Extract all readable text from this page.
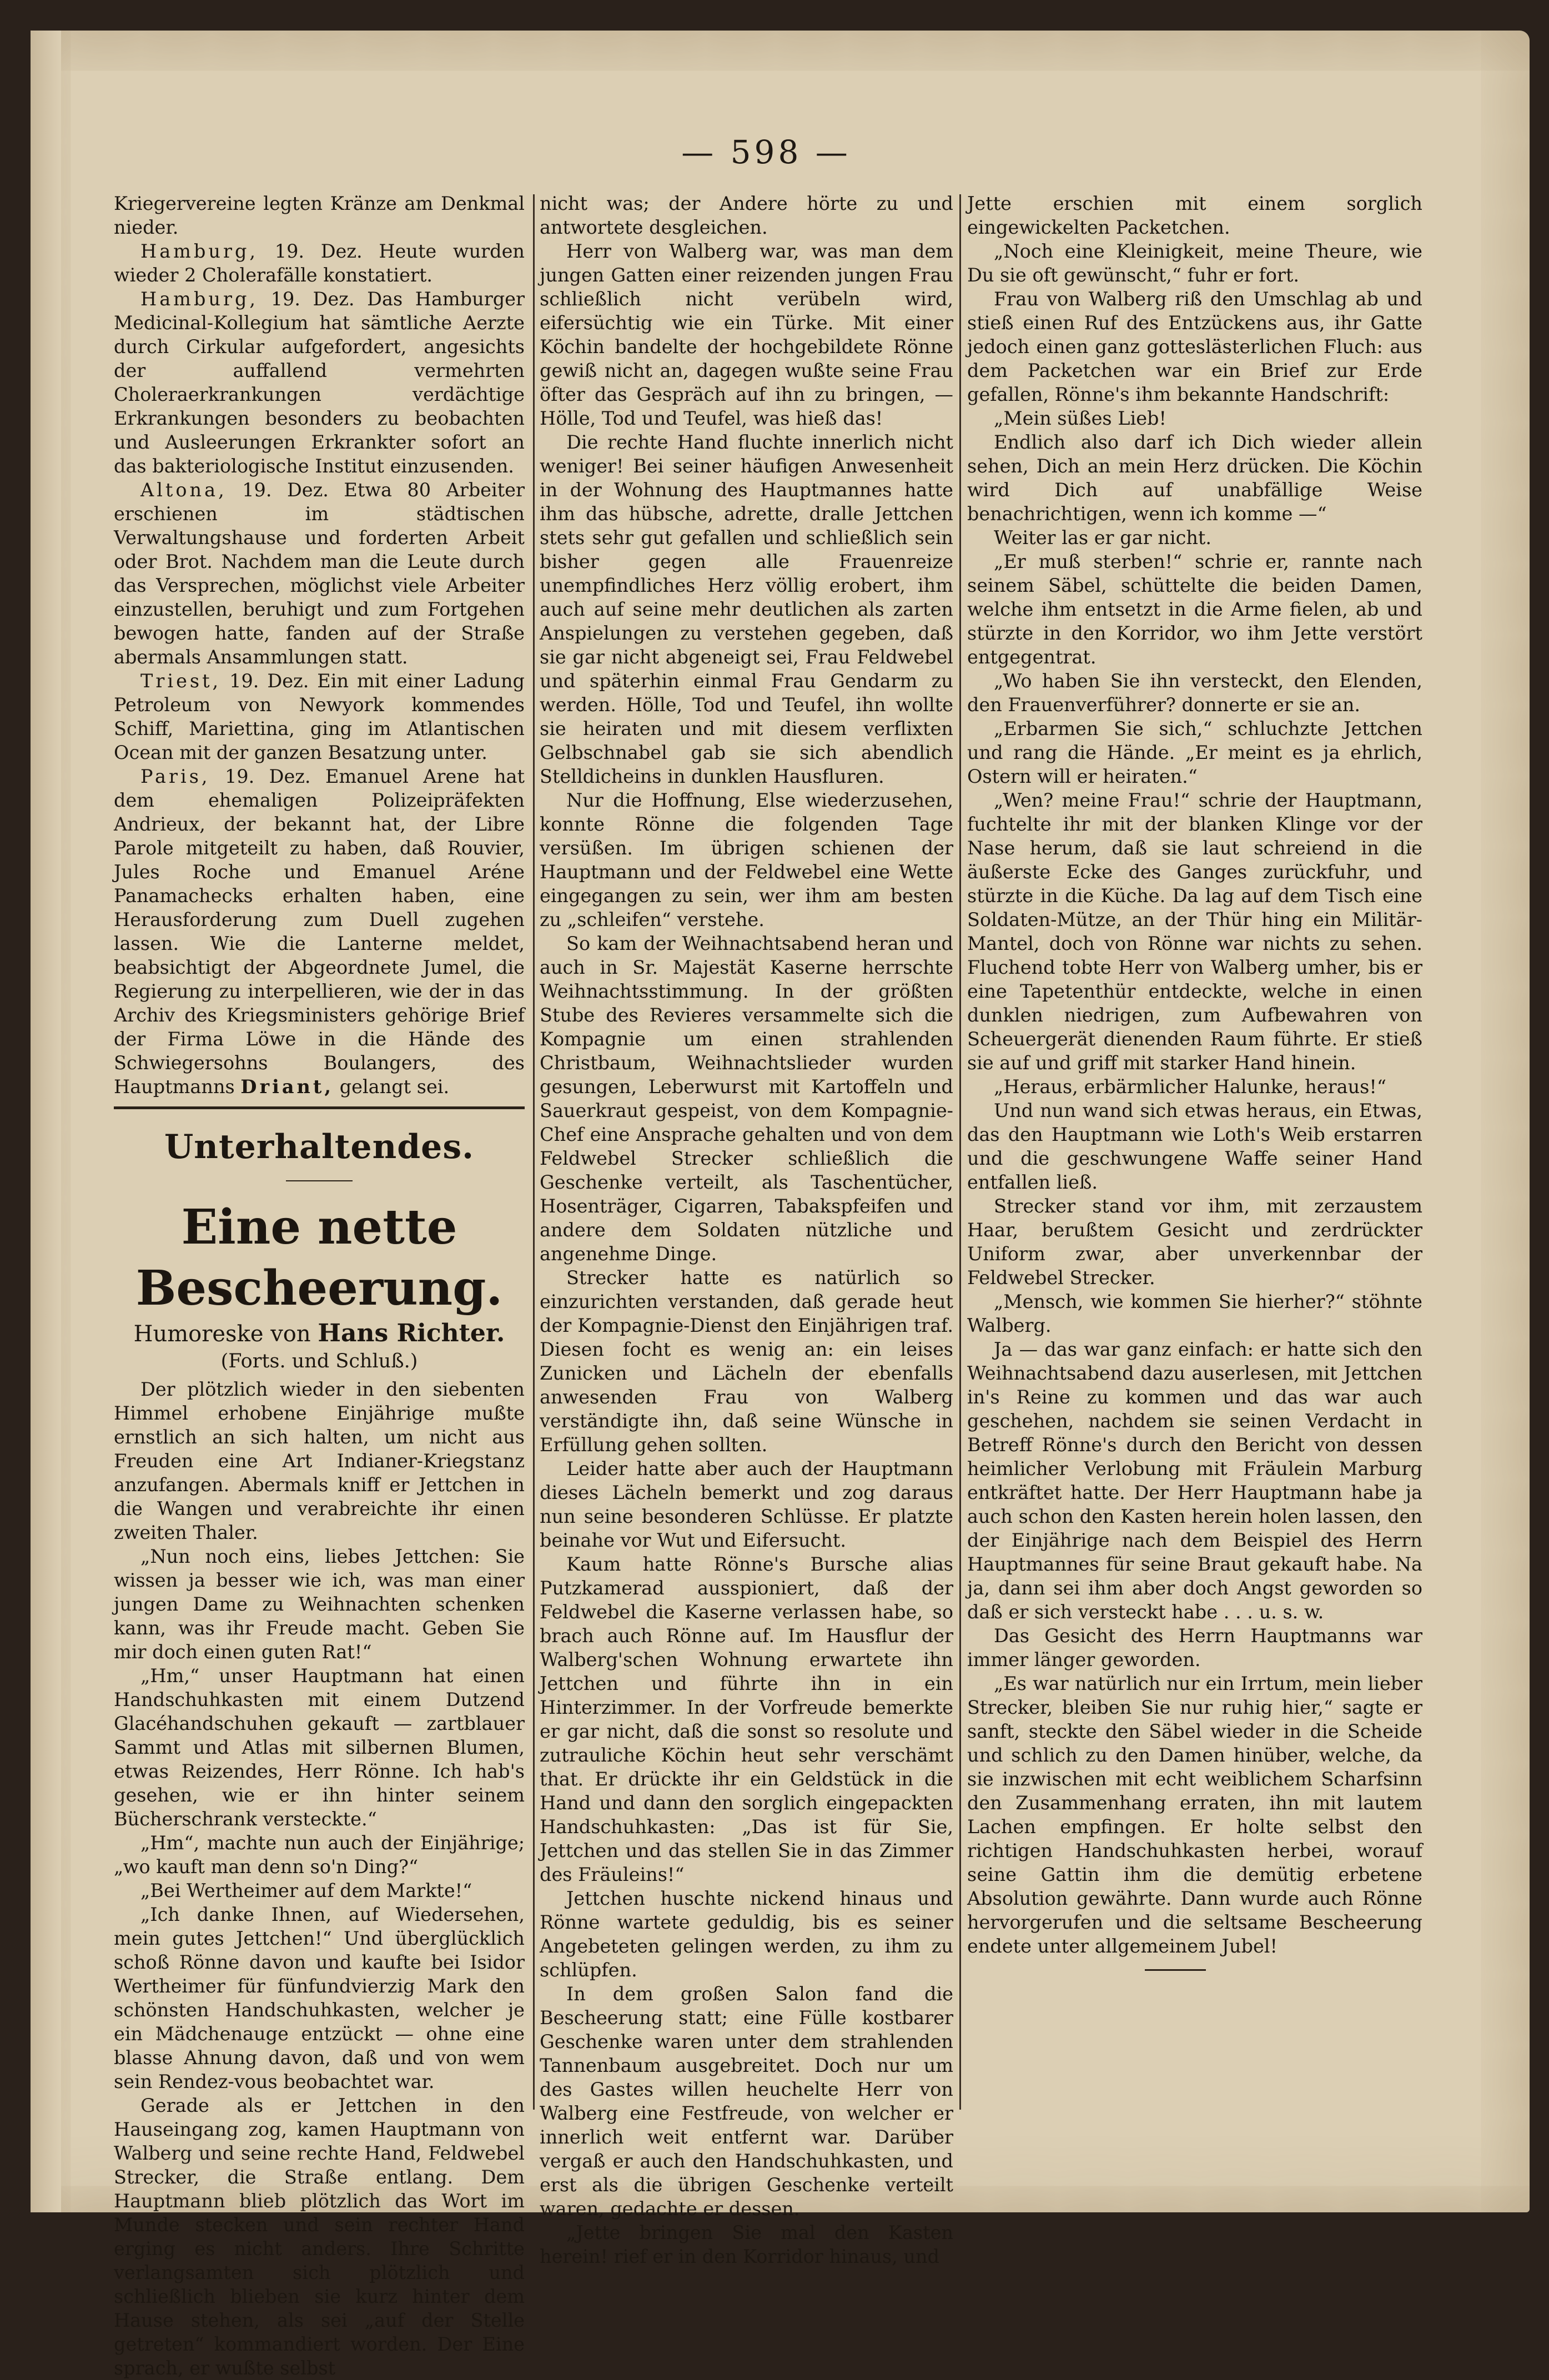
— 598 —

Kriegervereine legten Kränze am Denkmal nieder.

Hamburg, 19. Dez. Heute wurden wieder 2 Cholerafälle konstatiert.

Hamburg, 19. Dez. Das Hamburger Medicinal-Kollegium hat sämtliche Aerzte durch Cirkular aufgefordert, angesichts der auffallend vermehrten Choleraerkrankungen verdächtige Erkrankungen besonders zu beobachten und Ausleerungen Erkrankter sofort an das bakteriologische Institut einzusenden.

Altona, 19. Dez. Etwa 80 Arbeiter erschienen im städtischen Verwaltungshause und forderten Arbeit oder Brot. Nachdem man die Leute durch das Versprechen, möglichst viele Arbeiter einzustellen, beruhigt und zum Fortgehen bewogen hatte, fanden auf der Straße abermals Ansammlungen statt.

Triest, 19. Dez. Ein mit einer Ladung Petroleum von Newyork kommendes Schiff, Mariettina, ging im Atlantischen Ocean mit der ganzen Besatzung unter.

Paris, 19. Dez. Emanuel Arene hat dem ehemaligen Polizeipräfekten Andrieux, der bekannt hat, der Libre Parole mitgeteilt zu haben, daß Rouvier, Jules Roche und Emanuel Aréne Panamachecks erhalten haben, eine Herausforderung zum Duell zugehen lassen. Wie die Lanterne meldet, beabsichtigt der Abgeordnete Jumel, die Regierung zu interpellieren, wie der in das Archiv des Kriegsministers gehörige Brief der Firma Löwe in die Hände des Schwiegersohns Boulangers, des Hauptmanns Driant, gelangt sei.

Unterhaltendes.
Eine nette Bescheerung.
Humoreske von Hans Richter.
(Forts. und Schluß.)

Der plötzlich wieder in den siebenten Himmel erhobene Einjährige mußte ernstlich an sich halten, um nicht aus Freuden eine Art Indianer-Kriegstanz anzufangen. Abermals kniff er Jettchen in die Wangen und verabreichte ihr einen zweiten Thaler.

„Nun noch eins, liebes Jettchen: Sie wissen ja besser wie ich, was man einer jungen Dame zu Weihnachten schenken kann, was ihr Freude macht. Geben Sie mir doch einen guten Rat!“

„Hm,“ unser Hauptmann hat einen Handschuhkasten mit einem Dutzend Glacéhandschuhen gekauft — zartblauer Sammt und Atlas mit silbernen Blumen, etwas Reizendes, Herr Rönne. Ich hab's gesehen, wie er ihn hinter seinem Bücherschrank versteckte.“

„Hm“, machte nun auch der Einjährige; „wo kauft man denn so'n Ding?“

„Bei Wertheimer auf dem Markte!“

„Ich danke Ihnen, auf Wiedersehen, mein gutes Jettchen!“ Und überglücklich schoß Rönne davon und kaufte bei Isidor Wertheimer für fünfundvierzig Mark den schönsten Handschuhkasten, welcher je ein Mädchenauge entzückt — ohne eine blasse Ahnung davon, daß und von wem sein Rendez-vous beobachtet war.

Gerade als er Jettchen in den Hauseingang zog, kamen Hauptmann von Walberg und seine rechte Hand, Feldwebel Strecker, die Straße entlang. Dem Hauptmann blieb plötzlich das Wort im Munde stecken und sein rechter Hand erging es nicht anders. Ihre Schritte verlangsamten sich plötzlich und schließlich blieben sie kurz hinter dem Hause stehen, als sei „auf der Stelle getreten“ kommandiert worden. Der Eine sprach, er wußte selbst

nicht was; der Andere hörte zu und antwortete desgleichen.

Herr von Walberg war, was man dem jungen Gatten einer reizenden jungen Frau schließlich nicht verübeln wird, eifersüchtig wie ein Türke. Mit einer Köchin bandelte der hochgebildete Rönne gewiß nicht an, dagegen wußte seine Frau öfter das Gespräch auf ihn zu bringen, — Hölle, Tod und Teufel, was hieß das!

Die rechte Hand fluchte innerlich nicht weniger! Bei seiner häufigen Anwesenheit in der Wohnung des Hauptmannes hatte ihm das hübsche, adrette, dralle Jettchen stets sehr gut gefallen und schließlich sein bisher gegen alle Frauenreize unempfindliches Herz völlig erobert, ihm auch auf seine mehr deutlichen als zarten Anspielungen zu verstehen gegeben, daß sie gar nicht abgeneigt sei, Frau Feldwebel und späterhin einmal Frau Gendarm zu werden. Hölle, Tod und Teufel, ihn wollte sie heiraten und mit diesem verflixten Gelbschnabel gab sie sich abendlich Stelldicheins in dunklen Hausfluren.

Nur die Hoffnung, Else wiederzusehen, konnte Rönne die folgenden Tage versüßen. Im übrigen schienen der Hauptmann und der Feldwebel eine Wette eingegangen zu sein, wer ihm am besten zu „schleifen“ verstehe.

So kam der Weihnachtsabend heran und auch in Sr. Majestät Kaserne herrschte Weihnachtsstimmung. In der größten Stube des Revieres versammelte sich die Kompagnie um einen strahlenden Christbaum, Weihnachtslieder wurden gesungen, Leberwurst mit Kartoffeln und Sauerkraut gespeist, von dem Kompagnie-Chef eine Ansprache gehalten und von dem Feldwebel Strecker schließlich die Geschenke verteilt, als Taschentücher, Hosenträger, Cigarren, Tabakspfeifen und andere dem Soldaten nützliche und angenehme Dinge.

Strecker hatte es natürlich so einzurichten verstanden, daß gerade heut der Kompagnie-Dienst den Einjährigen traf. Diesen focht es wenig an: ein leises Zunicken und Lächeln der ebenfalls anwesenden Frau von Walberg verständigte ihn, daß seine Wünsche in Erfüllung gehen sollten.

Leider hatte aber auch der Hauptmann dieses Lächeln bemerkt und zog daraus nun seine besonderen Schlüsse. Er platzte beinahe vor Wut und Eifersucht.

Kaum hatte Rönne's Bursche alias Putzkamerad ausspioniert, daß der Feldwebel die Kaserne verlassen habe, so brach auch Rönne auf. Im Hausflur der Walberg'schen Wohnung erwartete ihn Jettchen und führte ihn in ein Hinterzimmer. In der Vorfreude bemerkte er gar nicht, daß die sonst so resolute und zutrauliche Köchin heut sehr verschämt that. Er drückte ihr ein Geldstück in die Hand und dann den sorglich eingepackten Handschuhkasten: „Das ist für Sie, Jettchen und das stellen Sie in das Zimmer des Fräuleins!“

Jettchen huschte nickend hinaus und Rönne wartete geduldig, bis es seiner Angebeteten gelingen werden, zu ihm zu schlüpfen.

In dem großen Salon fand die Bescheerung statt; eine Fülle kostbarer Geschenke waren unter dem strahlenden Tannenbaum ausgebreitet. Doch nur um des Gastes willen heuchelte Herr von Walberg eine Festfreude, von welcher er innerlich weit entfernt war. Darüber vergaß er auch den Handschuhkasten, und erst als die übrigen Geschenke verteilt waren, gedachte er dessen.

„Jette bringen Sie mal den Kasten herein! rief er in den Korridor hinaus, und

Jette erschien mit einem sorglich eingewickelten Packetchen.

„Noch eine Kleinigkeit, meine Theure, wie Du sie oft gewünscht,“ fuhr er fort.

Frau von Walberg riß den Umschlag ab und stieß einen Ruf des Entzückens aus, ihr Gatte jedoch einen ganz gotteslästerlichen Fluch: aus dem Packetchen war ein Brief zur Erde gefallen, Rönne's ihm bekannte Handschrift:

„Mein süßes Lieb!

Endlich also darf ich Dich wieder allein sehen, Dich an mein Herz drücken. Die Köchin wird Dich auf unabfällige Weise benachrichtigen, wenn ich komme —“

Weiter las er gar nicht.

„Er muß sterben!“ schrie er, rannte nach seinem Säbel, schüttelte die beiden Damen, welche ihm entsetzt in die Arme fielen, ab und stürzte in den Korridor, wo ihm Jette verstört entgegentrat.

„Wo haben Sie ihn versteckt, den Elenden, den Frauenverführer? donnerte er sie an.

„Erbarmen Sie sich,“ schluchzte Jettchen und rang die Hände. „Er meint es ja ehrlich, Ostern will er heiraten.“

„Wen? meine Frau!“ schrie der Hauptmann, fuchtelte ihr mit der blanken Klinge vor der Nase herum, daß sie laut schreiend in die äußerste Ecke des Ganges zurückfuhr, und stürzte in die Küche. Da lag auf dem Tisch eine Soldaten-Mütze, an der Thür hing ein Militär-Mantel, doch von Rönne war nichts zu sehen. Fluchend tobte Herr von Walberg umher, bis er eine Tapetenthür entdeckte, welche in einen dunklen niedrigen, zum Aufbewahren von Scheuergerät dienenden Raum führte. Er stieß sie auf und griff mit starker Hand hinein.

„Heraus, erbärmlicher Halunke, heraus!“

Und nun wand sich etwas heraus, ein Etwas, das den Hauptmann wie Loth's Weib erstarren und die geschwungene Waffe seiner Hand entfallen ließ.

Strecker stand vor ihm, mit zerzaustem Haar, berußtem Gesicht und zerdrückter Uniform zwar, aber unverkennbar der Feldwebel Strecker.

„Mensch, wie kommen Sie hierher?“ stöhnte Walberg.

Ja — das war ganz einfach: er hatte sich den Weihnachtsabend dazu auserlesen, mit Jettchen in's Reine zu kommen und das war auch geschehen, nachdem sie seinen Verdacht in Betreff Rönne's durch den Bericht von dessen heimlicher Verlobung mit Fräulein Marburg entkräftet hatte. Der Herr Hauptmann habe ja auch schon den Kasten herein holen lassen, den der Einjährige nach dem Beispiel des Herrn Hauptmannes für seine Braut gekauft habe. Na ja, dann sei ihm aber doch Angst geworden so daß er sich versteckt habe . . . u. s. w.

Das Gesicht des Herrn Hauptmanns war immer länger geworden.

„Es war natürlich nur ein Irrtum, mein lieber Strecker, bleiben Sie nur ruhig hier,“ sagte er sanft, steckte den Säbel wieder in die Scheide und schlich zu den Damen hinüber, welche, da sie inzwischen mit echt weiblichem Scharfsinn den Zusammenhang erraten, ihn mit lautem Lachen empfingen. Er holte selbst den richtigen Handschuhkasten herbei, worauf seine Gattin ihm die demütig erbetene Absolution gewährte. Dann wurde auch Rönne hervorgerufen und die seltsame Bescheerung endete unter allgemeinem Jubel!
